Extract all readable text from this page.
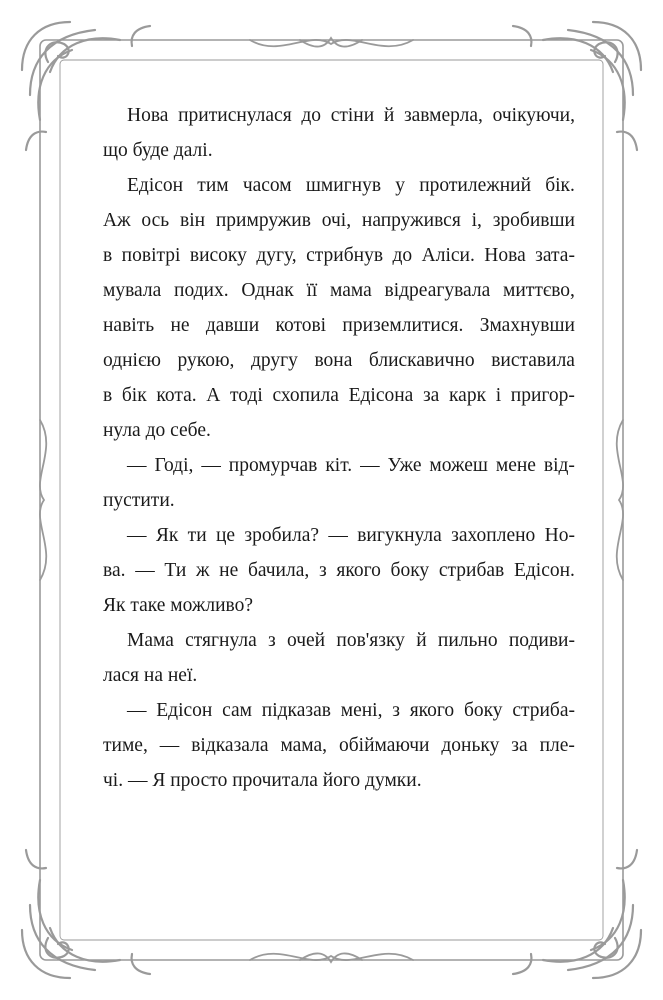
Нова притиснулася до стіни й завмерла, очікуючи,
що буде далі.
Едісон тим часом шмигнув у протилежний бік.
Аж ось він примружив очі, напружився і, зробивши
в повітрі високу дугу, стрибнув до Аліси. Нова зата-
мувала подих. Однак її мама відреагувала миттєво,
навіть не давши котові приземлитися. Змахнувши
однією рукою, другу вона блискавично виставила
в бік кота. А тоді схопила Едісона за карк і пригор-
нула до себе.
— Годі, — промурчав кіт. — Уже можеш мене від-
пустити.
— Як ти це зробила? — вигукнула захоплено Но-
ва. — Ти ж не бачила, з якого боку стрибав Едісон.
Як таке можливо?
Мама стягнула з очей пов'язку й пильно подиви-
лася на неї.
— Едісон сам підказав мені, з якого боку стриба-
тиме, — відказала мама, обіймаючи доньку за пле-
чі. — Я просто прочитала його думки.
